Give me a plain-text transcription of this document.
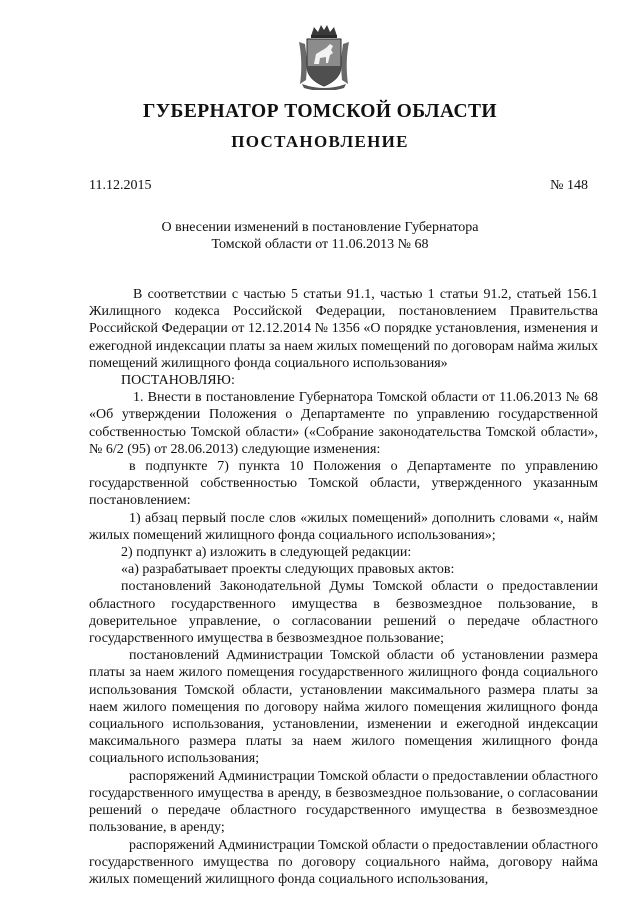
ГУБЕРНАТОР ТОМСКОЙ ОБЛАСТИ
ПОСТАНОВЛЕНИЕ
11.12.2015	№ 148
О внесении изменений в постановление Губернатора
Томской области от 11.06.2013 № 68

В соответствии с частью 5 статьи 91.1, частью 1 статьи 91.2, статьей 156.1 Жилищного кодекса Российской Федерации, постановлением Правительства Российской Федерации от 12.12.2014 № 1356 «О порядке установления, изменения и ежегодной индексации платы за наем жилых помещений по договорам найма жилых помещений жилищного фонда социального использования»

ПОСТАНОВЛЯЮ:

1. Внести в постановление Губернатора Томской области от 11.06.2013 № 68 «Об утверждении Положения о Департаменте по управлению государственной собственностью Томской области» («Собрание законодательства Томской области», № 6/2 (95) от 28.06.2013) следующие изменения:

в подпункте 7) пункта 10 Положения о Департаменте по управлению государственной собственностью Томской области, утвержденного указанным постановлением:

1) абзац первый после слов «жилых помещений» дополнить словами «, найм жилых помещений жилищного фонда социального использования»;

2) подпункт а) изложить в следующей редакции:

«а) разрабатывает проекты следующих правовых актов:

постановлений Законодательной Думы Томской области о предоставлении областного государственного имущества в безвозмездное пользование, в доверительное управление, о согласовании решений о передаче областного государственного имущества в безвозмездное пользование;

постановлений Администрации Томской области об установлении размера платы за наем жилого помещения государственного жилищного фонда социального использования Томской области, установлении максимального размера платы за наем жилого помещения по договору найма жилого помещения жилищного фонда социального использования, установлении, изменении и ежегодной индексации максимального размера платы за наем жилого помещения жилищного фонда социального использования;

распоряжений Администрации Томской области о предоставлении областного государственного имущества в аренду, в безвозмездное пользование, о согласовании решений о передаче областного государственного имущества в безвозмездное пользование, в аренду;

распоряжений Администрации Томской области о предоставлении областного государственного имущества по договору социального найма, договору найма жилых помещений жилищного фонда социального использования,
